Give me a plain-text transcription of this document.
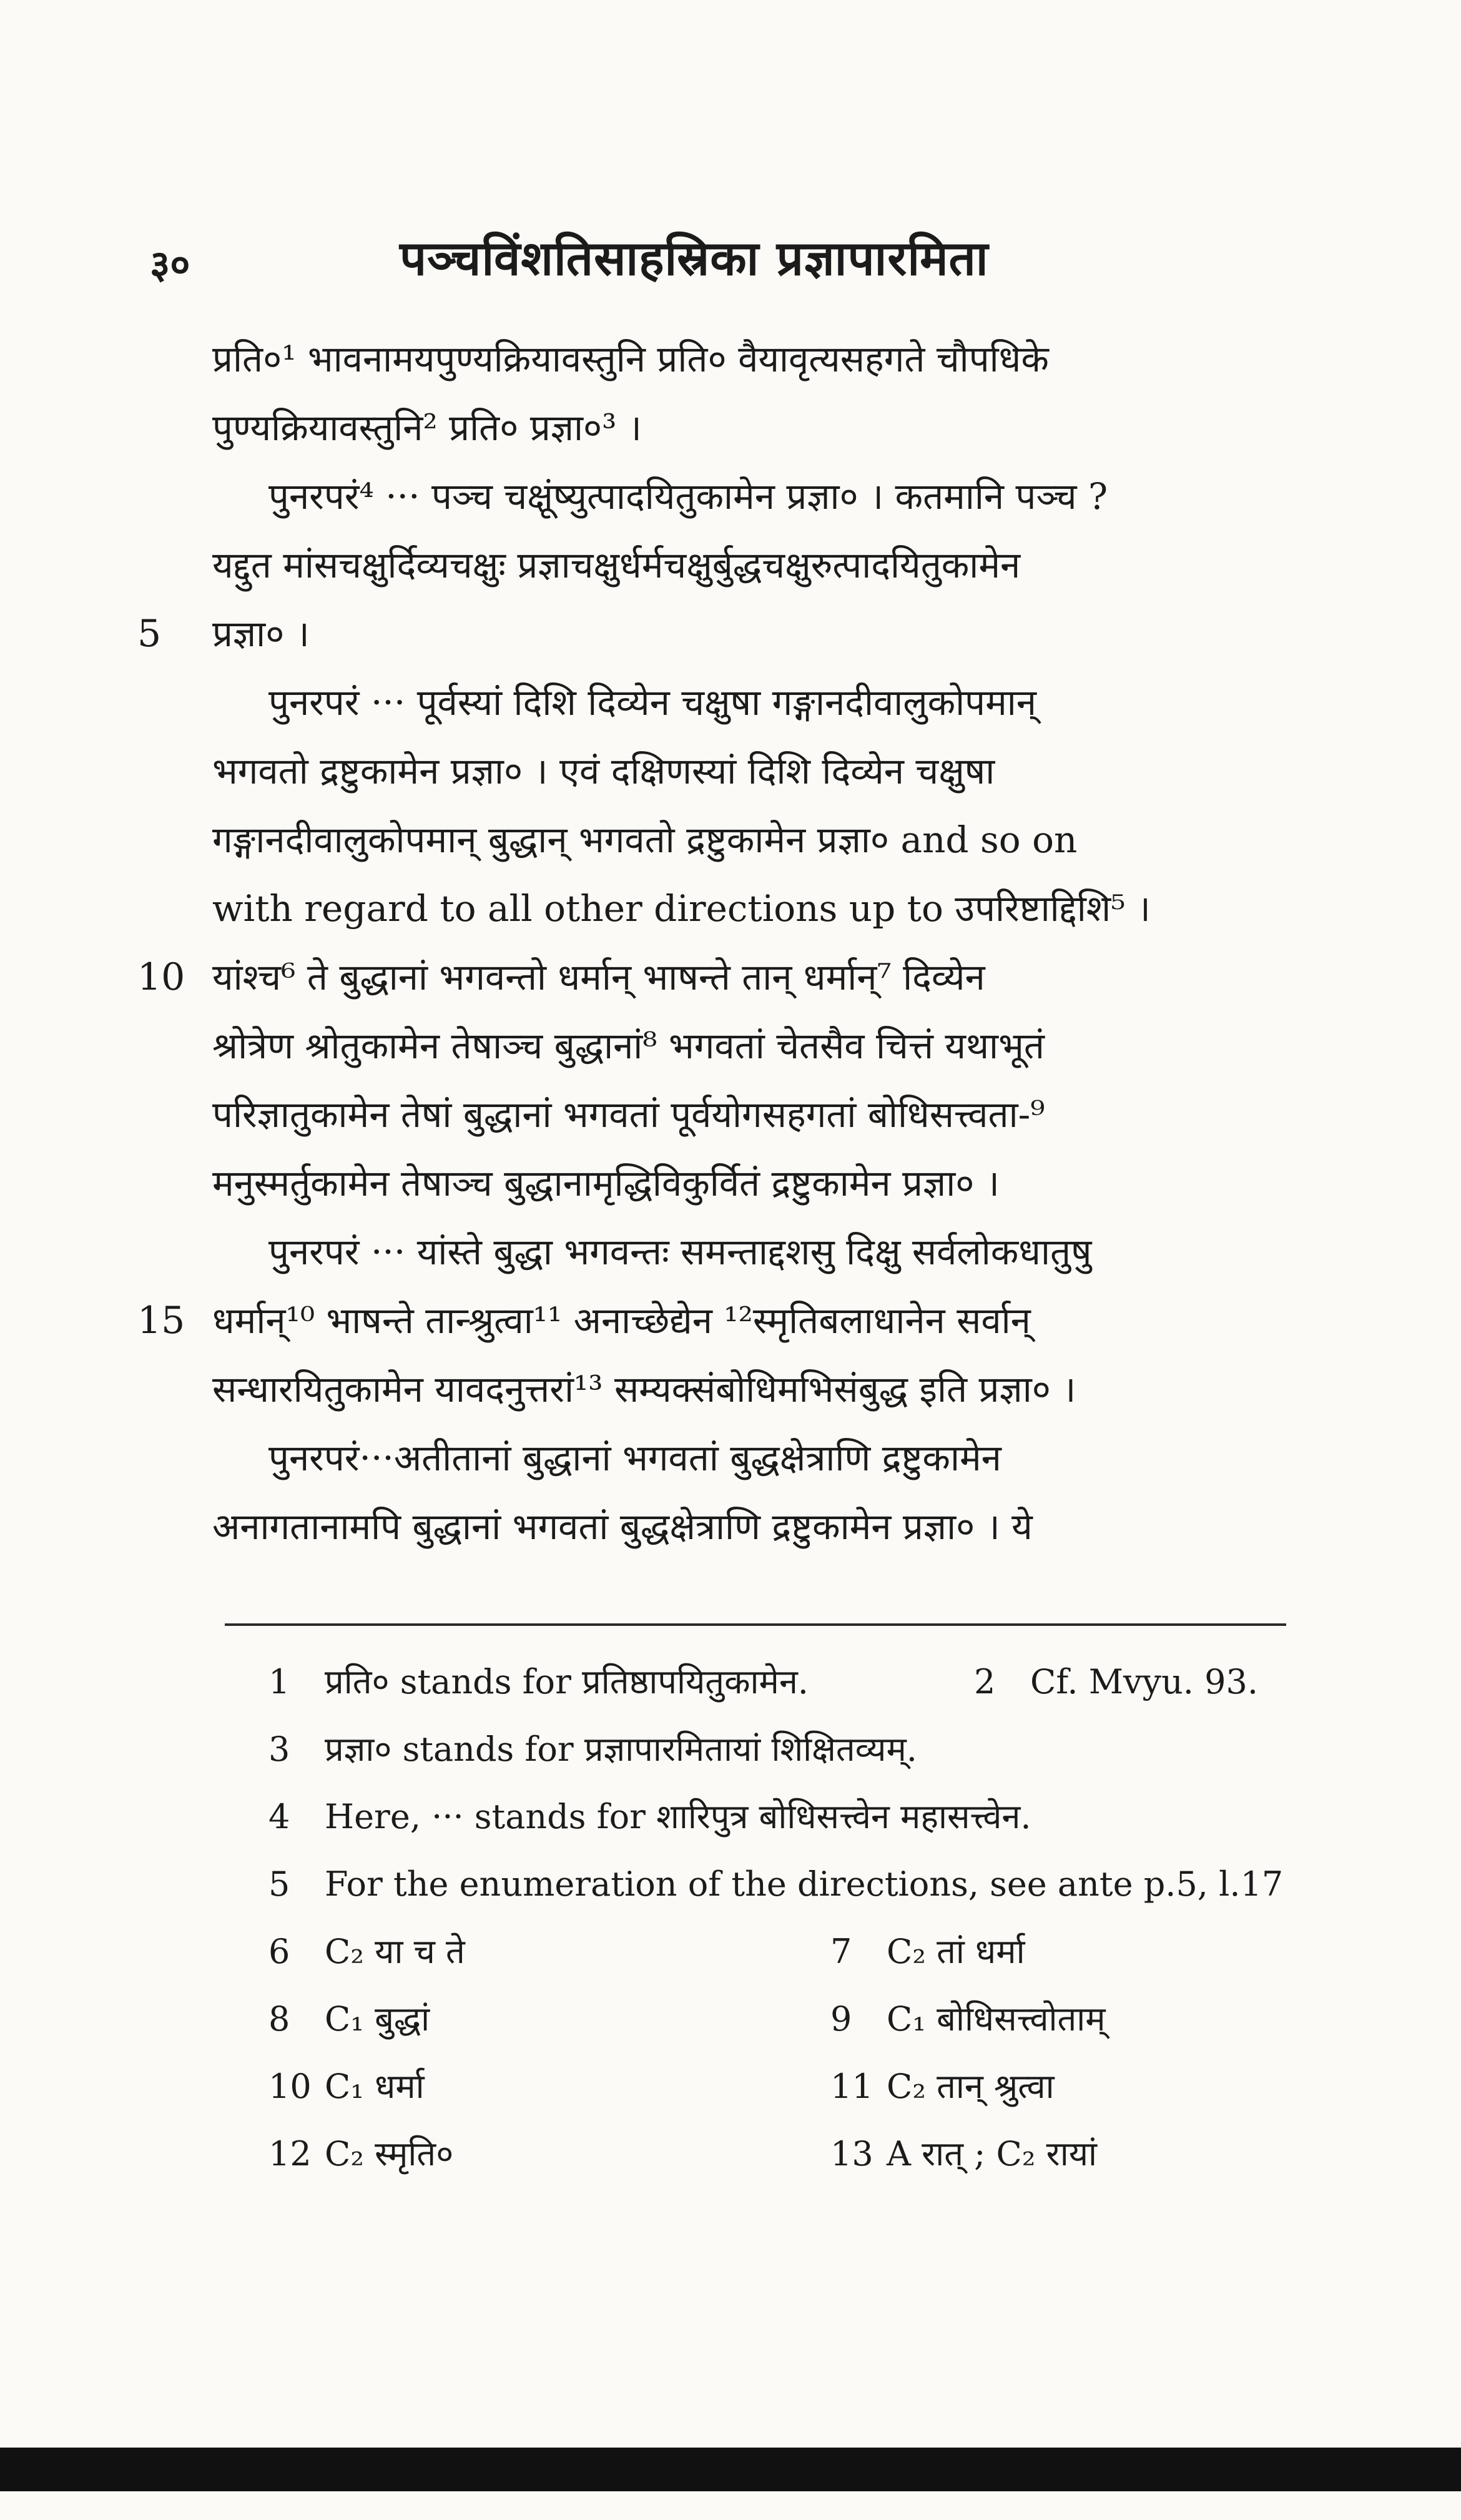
३०	पञ्चविंशतिसाहस्रिका प्रज्ञापारमिता
प्रति०¹ भावनामयपुण्यक्रियावस्तुनि प्रति० वैयावृत्यसहगते चौपधिके
पुण्यक्रियावस्तुनि² प्रति० प्रज्ञा०³ ।
पुनरपरं⁴ ··· पञ्च चक्षूंष्युत्पादयितुकामेन प्रज्ञा० । कतमानि पञ्च ?
यद्दुत मांसचक्षुर्दिव्यचक्षुः प्रज्ञाचक्षुर्धर्मचक्षुर्बुद्धचक्षुरुत्पादयितुकामेन
5	प्रज्ञा० ।
पुनरपरं ··· पूर्वस्यां दिशि दिव्येन चक्षुषा गङ्गानदीवालुकोपमान्
भगवतो द्रष्टुकामेन प्रज्ञा० । एवं दक्षिणस्यां दिशि दिव्येन चक्षुषा
गङ्गानदीवालुकोपमान् बुद्धान् भगवतो द्रष्टुकामेन प्रज्ञा० and so on
with regard to all other directions up to उपरिष्टाद्दिशि⁵ ।
10 यांश्च⁶ ते बुद्धानां भगवन्तो धर्मान् भाषन्ते तान् धर्मान्⁷ दिव्येन
श्रोत्रेण श्रोतुकामेन तेषाञ्च बुद्धानां⁸ भगवतां चेतसैव चित्तं यथाभूतं
परिज्ञातुकामेन तेषां बुद्धानां भगवतां पूर्वयोगसहगतां बोधिसत्त्वता-⁹
मनुस्मर्तुकामेन तेषाञ्च बुद्धानामृद्धिविकुर्वितं द्रष्टुकामेन प्रज्ञा० ।
पुनरपरं ··· यांस्ते बुद्धा भगवन्तः समन्ताद्दशसु दिक्षु सर्वलोकधातुषु
15 धर्मान्¹⁰ भाषन्ते तान्श्रुत्वा¹¹ अनाच्छेद्येन ¹²स्मृतिबलाधानेन सर्वान्
सन्धारयितुकामेन यावदनुत्तरां¹³ सम्यक्संबोधिमभिसंबुद्ध इति प्रज्ञा० ।
पुनरपरं···अतीतानां बुद्धानां भगवतां बुद्धक्षेत्राणि द्रष्टुकामेन
अनागतानामपि बुद्धानां भगवतां बुद्धक्षेत्राणि द्रष्टुकामेन प्रज्ञा० । ये
1 प्रति० stands for प्रतिष्ठापयितुकामेन.	2 Cf. Mvyu. 93.
3 प्रज्ञा० stands for प्रज्ञापारमितायां शिक्षितव्यम्.
4 Here, ··· stands for शारिपुत्र बोधिसत्त्वेन महासत्त्वेन.
5 For the enumeration of the directions, see ante p.5, l.17
6 C₂ या च ते	7 C₂ तां धर्मा
8 C₁ बुद्धां	9 C₁ बोधिसत्त्वोताम्
10 C₁ धर्मा	11 C₂ तान् श्रुत्वा
12 C₂ स्मृति०	13 A रात् ; C₂ रायां
